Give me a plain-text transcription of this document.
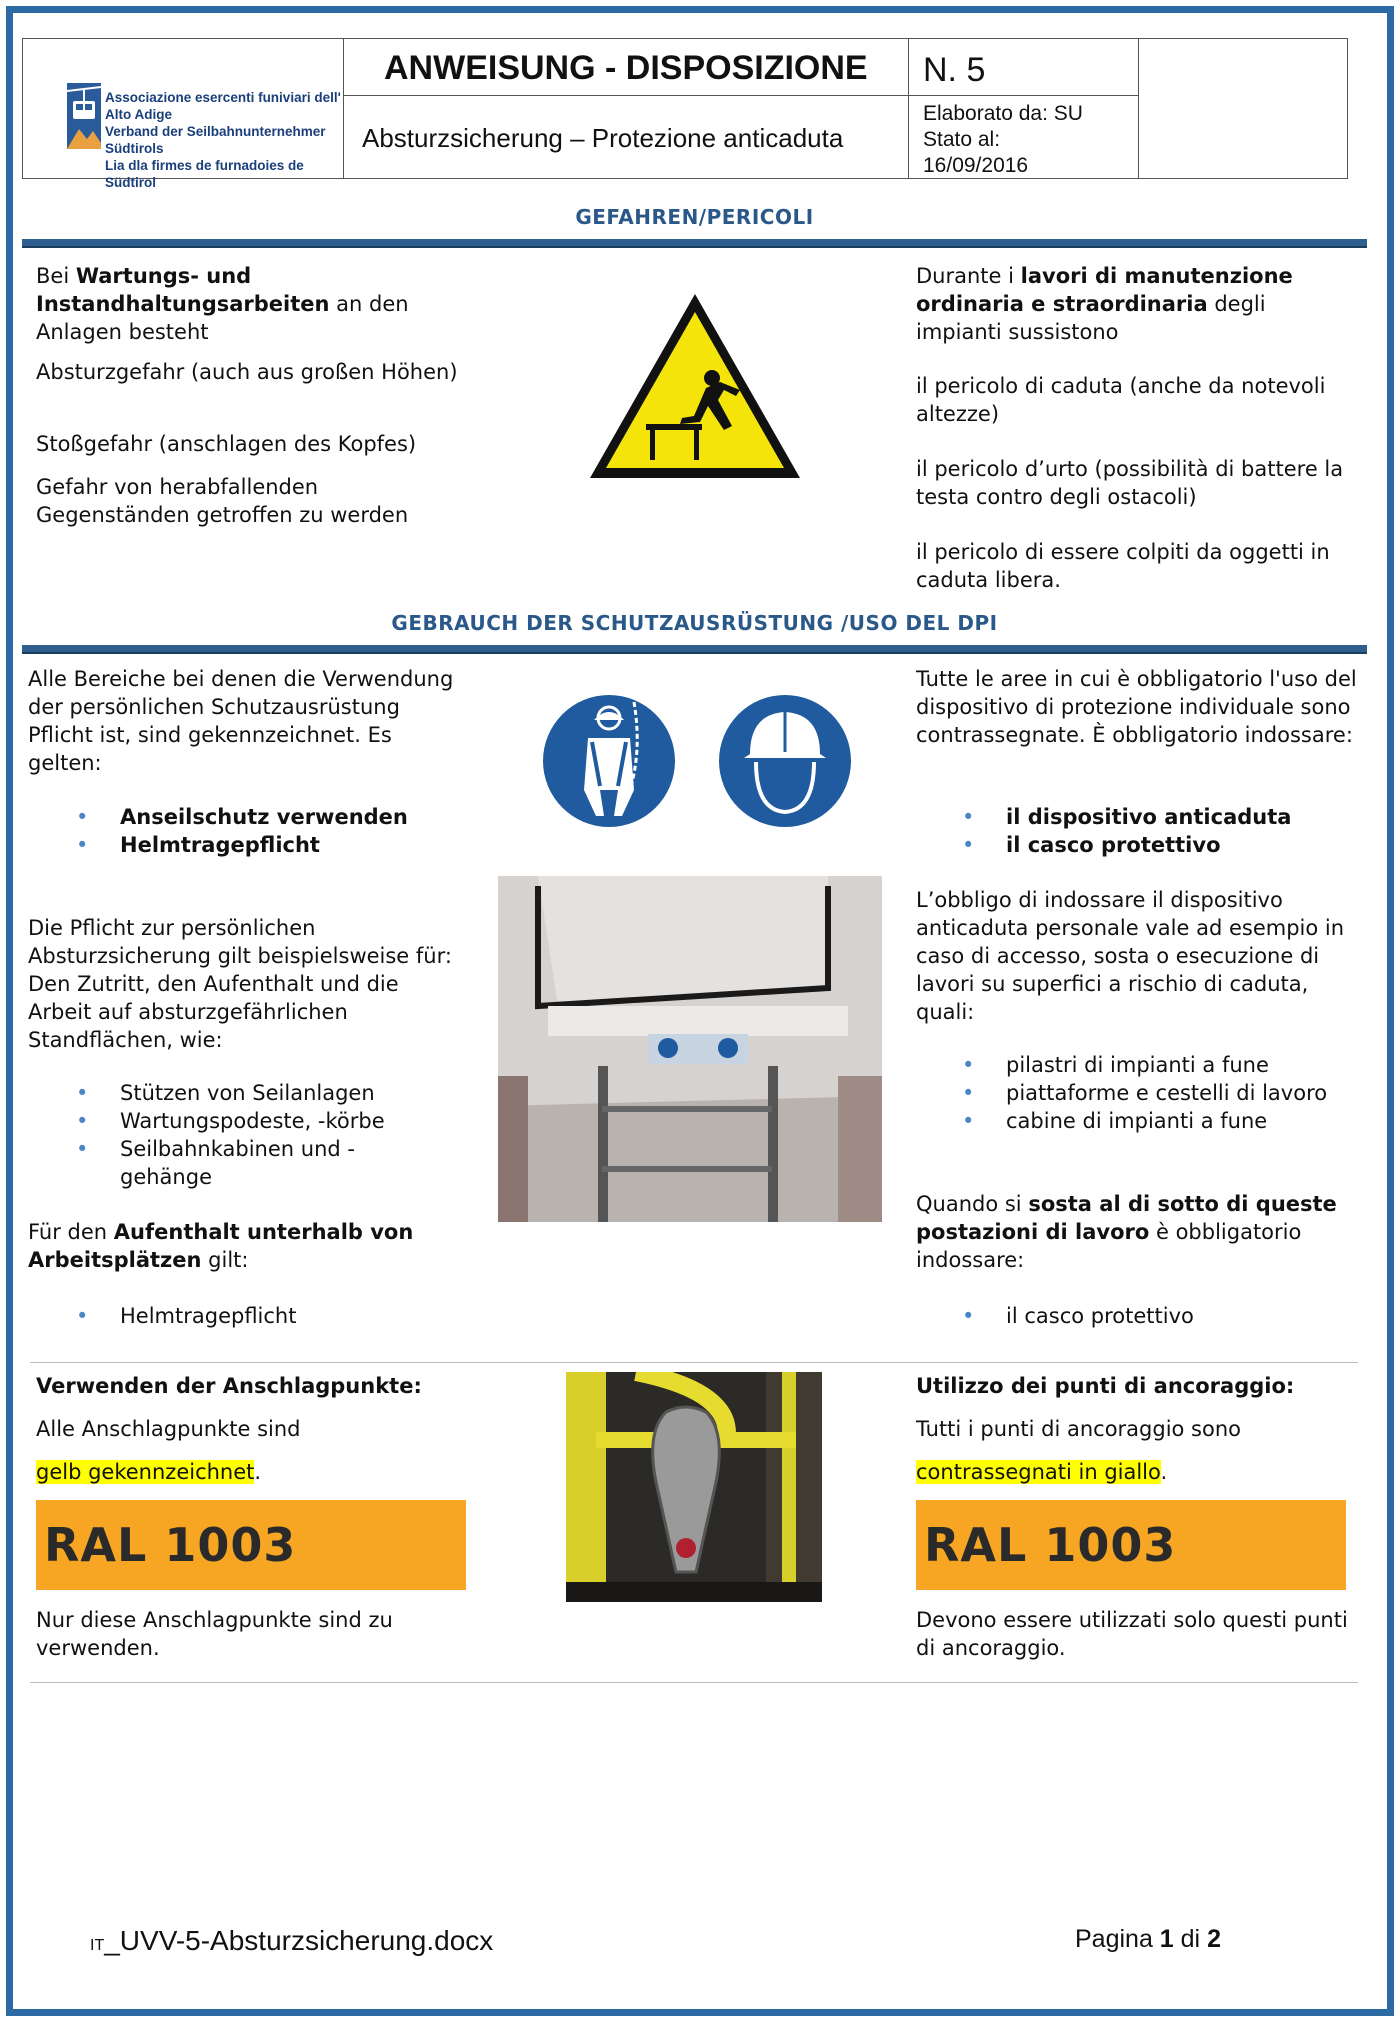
Associazione esercenti funiviari dell' Alto Adige
Verband der Seilbahnunternehmer Südtirols
Lia dla firmes de furnadoies de Südtirol
ANWEISUNG - DISPOSIZIONE
Absturzsicherung – Protezione anticaduta
N. 5
Elaborato da: SU
Stato al:
16/09/2016
GEFAHREN/PERICOLI
Bei Wartungs- und Instandhaltungsarbeiten an den Anlagen besteht
Absturzgefahr (auch aus großen Höhen)
Stoßgefahr (anschlagen des Kopfes)
Gefahr von herabfallenden Gegenständen getroffen zu werden
Durante i lavori di manutenzione ordinaria e straordinaria degli impianti sussistono
il pericolo di caduta (anche da notevoli altezze)
il pericolo d’urto (possibilità di battere la testa contro degli ostacoli)
il pericolo di essere colpiti da oggetti in caduta libera.
GEBRAUCH DER SCHUTZAUSRÜSTUNG /USO DEL DPI
Alle Bereiche bei denen die Verwendung der persönlichen Schutzausrüstung Pflicht ist, sind gekennzeichnet. Es gelten:
• Anseilschutz verwenden
• Helmtragepflicht
Die Pflicht zur persönlichen Absturzsicherung gilt beispielsweise für:
Den Zutritt, den Aufenthalt und die Arbeit auf absturzgefährlichen Standflächen, wie:
• Stützen von Seilanlagen
• Wartungspodeste, -körbe
• Seilbahnkabinen und -gehänge
Für den Aufenthalt unterhalb von Arbeitsplätzen gilt:
• Helmtragepflicht
Tutte le aree in cui è obbligatorio l'uso del dispositivo di protezione individuale sono contrassegnate. È obbligatorio indossare:
• il dispositivo anticaduta
• il casco protettivo
L’obbligo di indossare il dispositivo anticaduta personale vale ad esempio in caso di accesso, sosta o esecuzione di lavori su superfici a rischio di caduta, quali:
• pilastri di impianti a fune
• piattaforme e cestelli di lavoro
• cabine di impianti a fune
Quando si sosta al di sotto di queste postazioni di lavoro è obbligatorio indossare:
• il casco protettivo
Verwenden der Anschlagpunkte:
Alle Anschlagpunkte sind
gelb gekennzeichnet.
RAL 1003
Nur diese Anschlagpunkte sind zu verwenden.
Utilizzo dei punti di ancoraggio:
Tutti i punti di ancoraggio sono
contrassegnati in giallo.
RAL 1003
Devono essere utilizzati solo questi punti di ancoraggio.
IT_UVV-5-Absturzsicherung.docx	Pagina 1 di 2
